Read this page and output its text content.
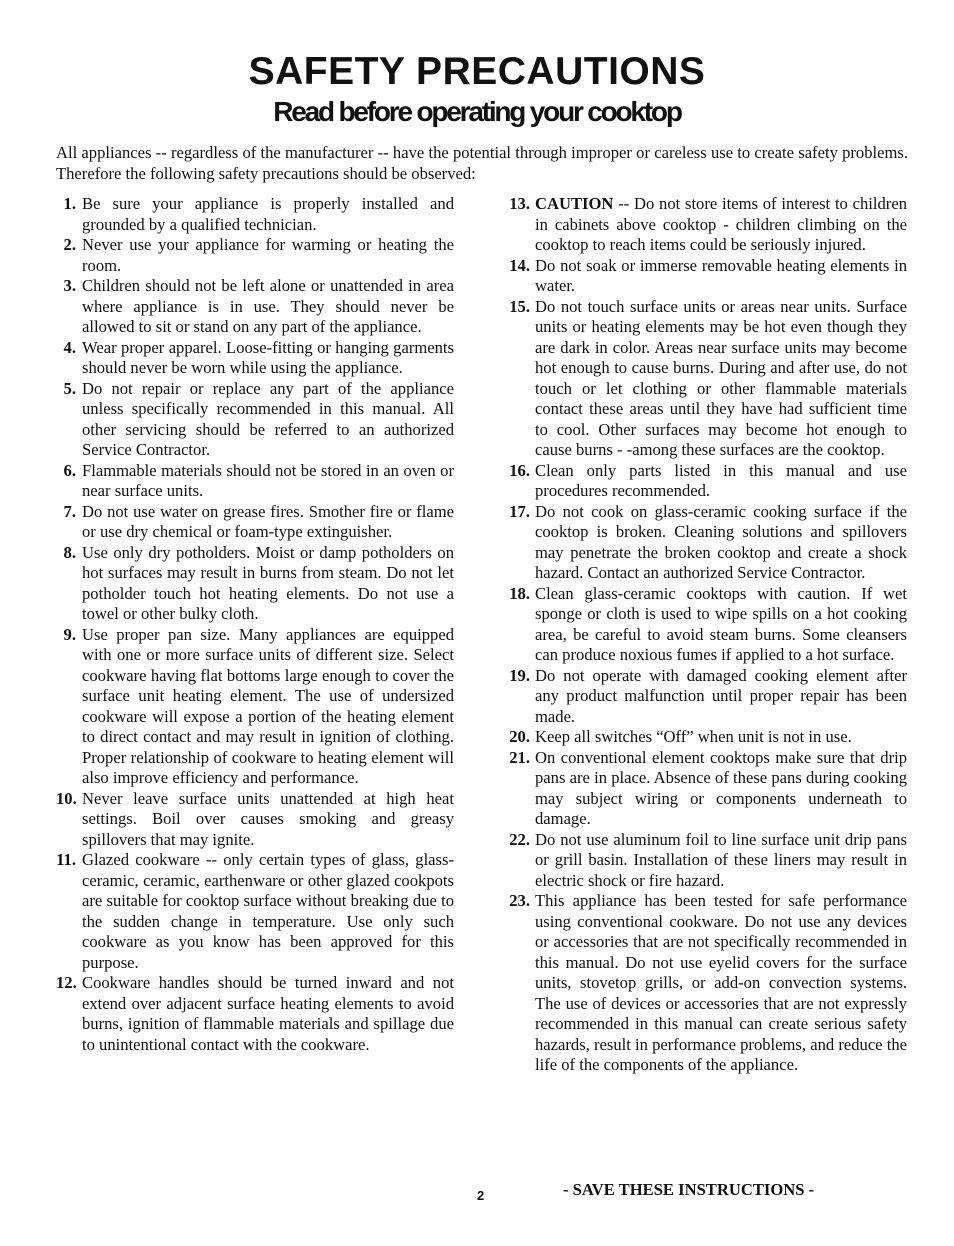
SAFETY PRECAUTIONS
Read before operating your cooktop

All appliances -- regardless of the manufacturer -- have the potential through improper or careless use to create safety problems. Therefore the following safety precautions should be observed:

1. Be sure your appliance is properly installed and grounded by a qualified technician.
2. Never use your appliance for warming or heating the room.
3. Children should not be left alone or unattended in area where appliance is in use. They should never be allowed to sit or stand on any part of the appliance.
4. Wear proper apparel. Loose-fitting or hanging garments should never be worn while using the appliance.
5. Do not repair or replace any part of the appliance unless specifically recommended in this manual. All other servicing should be referred to an authorized Service Contractor.
6. Flammable materials should not be stored in an oven or near surface units.
7. Do not use water on grease fires. Smother fire or flame or use dry chemical or foam-type extinguisher.
8. Use only dry potholders. Moist or damp potholders on hot surfaces may result in burns from steam. Do not let potholder touch hot heating elements. Do not use a towel or other bulky cloth.
9. Use proper pan size. Many appliances are equipped with one or more surface units of different size. Select cookware having flat bottoms large enough to cover the surface unit heating element. The use of undersized cookware will expose a portion of the heating element to direct contact and may result in ignition of clothing. Proper relationship of cookware to heating element will also improve efficiency and performance.
10. Never leave surface units unattended at high heat settings. Boil over causes smoking and greasy spillovers that may ignite.
11. Glazed cookware -- only certain types of glass, glass-ceramic, ceramic, earthenware or other glazed cookpots are suitable for cooktop surface without breaking due to the sudden change in temperature. Use only such cookware as you know has been approved for this purpose.
12. Cookware handles should be turned inward and not extend over adjacent surface heating elements to avoid burns, ignition of flammable materials and spillage due to unintentional contact with the cookware.
13. CAUTION -- Do not store items of interest to children in cabinets above cooktop - children climbing on the cooktop to reach items could be seriously injured.
14. Do not soak or immerse removable heating elements in water.
15. Do not touch surface units or areas near units. Surface units or heating elements may be hot even though they are dark in color. Areas near surface units may become hot enough to cause burns. During and after use, do not touch or let clothing or other flammable materials contact these areas until they have had sufficient time to cool. Other surfaces may become hot enough to cause burns - -among these surfaces are the cooktop.
16. Clean only parts listed in this manual and use procedures recommended.
17. Do not cook on glass-ceramic cooking surface if the cooktop is broken. Cleaning solutions and spillovers may penetrate the broken cooktop and create a shock hazard. Contact an authorized Service Contractor.
18. Clean glass-ceramic cooktops with caution. If wet sponge or cloth is used to wipe spills on a hot cooking area, be careful to avoid steam burns. Some cleansers can produce noxious fumes if applied to a hot surface.
19. Do not operate with damaged cooking element after any product malfunction until proper repair has been made.
20. Keep all switches “Off” when unit is not in use.
21. On conventional element cooktops make sure that drip pans are in place. Absence of these pans during cooking may subject wiring or components underneath to damage.
22. Do not use aluminum foil to line surface unit drip pans or grill basin. Installation of these liners may result in electric shock or fire hazard.
23. This appliance has been tested for safe performance using conventional cookware. Do not use any devices or accessories that are not specifically recommended in this manual. Do not use eyelid covers for the surface units, stovetop grills, or add-on convection systems. The use of devices or accessories that are not expressly recommended in this manual can create serious safety hazards, result in performance problems, and reduce the life of the components of the appliance.

2	- SAVE THESE INSTRUCTIONS -
